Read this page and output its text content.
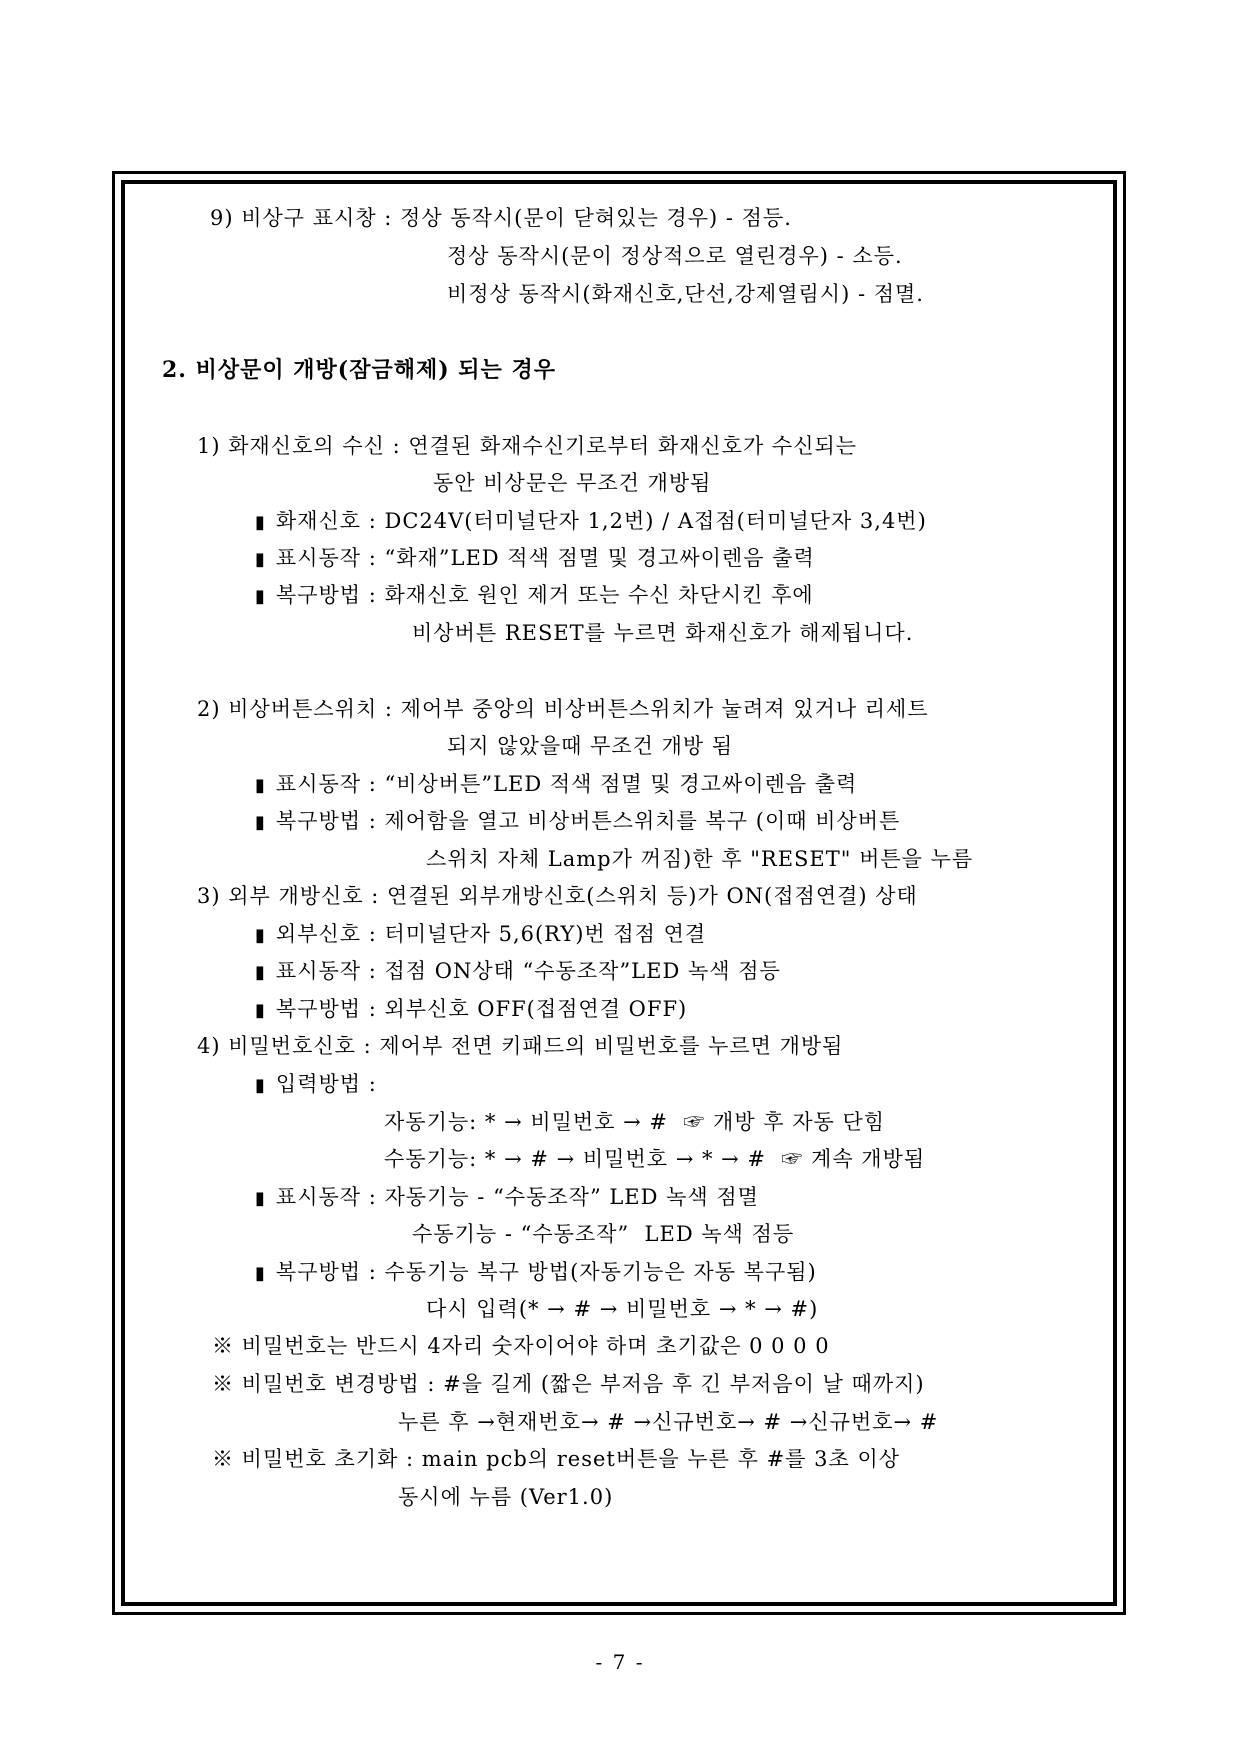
9) 비상구 표시창 : 정상 동작시(문이 닫혀있는 경우) - 점등.
정상 동작시(문이 정상적으로 열린경우) - 소등.
비정상 동작시(화재신호,단선,강제열림시) - 점멸.
2. 비상문이 개방(잠금해제) 되는 경우
1) 화재신호의 수신 : 연결된 화재수신기로부터 화재신호가 수신되는
동안 비상문은 무조건 개방됨
▮ 화재신호 : DC24V(터미널단자 1,2번) / A접점(터미널단자 3,4번)
▮ 표시동작 : “화재”LED 적색 점멸 및 경고싸이렌음 출력
▮ 복구방법 : 화재신호 원인 제거 또는 수신 차단시킨 후에
비상버튼 RESET를 누르면 화재신호가 해제됩니다.
2) 비상버튼스위치 : 제어부 중앙의 비상버튼스위치가 눌려져 있거나 리세트
되지 않았을때 무조건 개방 됨
▮ 표시동작 : “비상버튼”LED 적색 점멸 및 경고싸이렌음 출력
▮ 복구방법 : 제어함을 열고 비상버튼스위치를 복구 (이때 비상버튼
스위치 자체 Lamp가 꺼짐)한 후 "RESET" 버튼을 누름
3) 외부 개방신호 : 연결된 외부개방신호(스위치 등)가 ON(접점연결) 상태
▮ 외부신호 : 터미널단자 5,6(RY)번 접점 연결
▮ 표시동작 : 접점 ON상태 “수동조작”LED 녹색 점등
▮ 복구방법 : 외부신호 OFF(접점연결 OFF)
4) 비밀번호신호 : 제어부 전면 키패드의 비밀번호를 누르면 개방됨
▮ 입력방법 :
자동기능: * → 비밀번호 → #  ☞ 개방 후 자동 단힘
수동기능: * → # → 비밀번호 → * → #  ☞ 계속 개방됨
▮ 표시동작 : 자동기능 - “수동조작” LED 녹색 점멸
수동기능 - “수동조작”  LED 녹색 점등
▮ 복구방법 : 수동기능 복구 방법(자동기능은 자동 복구됨)
다시 입력(* → # → 비밀번호 → * → #)
※ 비밀번호는 반드시 4자리 숫자이어야 하며 초기값은 0 0 0 0
※ 비밀번호 변경방법 : #을 길게 (짧은 부저음 후 긴 부저음이 날 때까지)
누른 후 →현재번호→ # →신규번호→ # →신규번호→ #
※ 비밀번호 초기화 : main pcb의 reset버튼을 누른 후 #를 3초 이상
동시에 누름 (Ver1.0)
- 7 -
